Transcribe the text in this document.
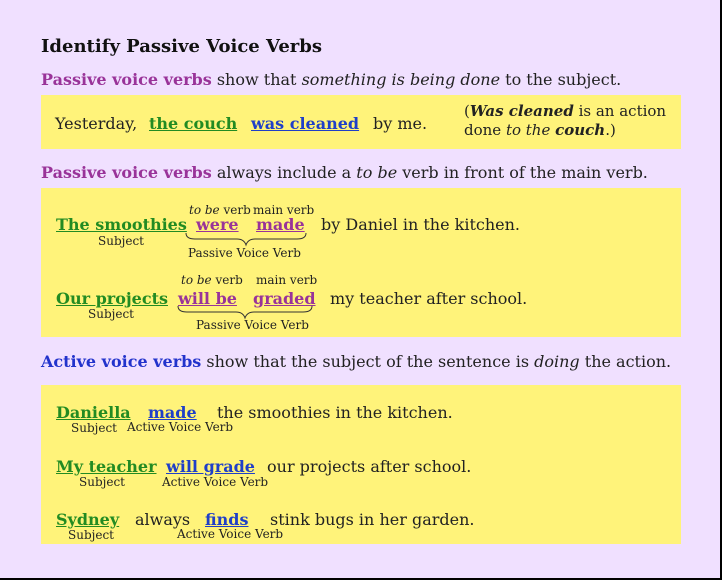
Identify Passive Voice Verbs
Passive voice verbs show that something is being done to the subject.
Yesterday, the couch was cleaned by me.
(Was cleaned is an action
done to the couch.)
Passive voice verbs always include a to be verb in front of the main verb.
to be verb main verb
The smoothies
Subject
were made by Daniel in the kitchen.
Passive Voice Verb
to be verb main verb
Our projects
Subject
will be graded my teacher after school.
Passive Voice Verb
Active voice verbs show that the subject of the sentence is doing the action.
Daniella
Subject
made
Active Voice Verb
the smoothies in the kitchen.
My teacher
Subject
will grade
Active Voice Verb
our projects after school.
Sydney
Subject
always finds
Active Voice Verb
stink bugs in her garden.
